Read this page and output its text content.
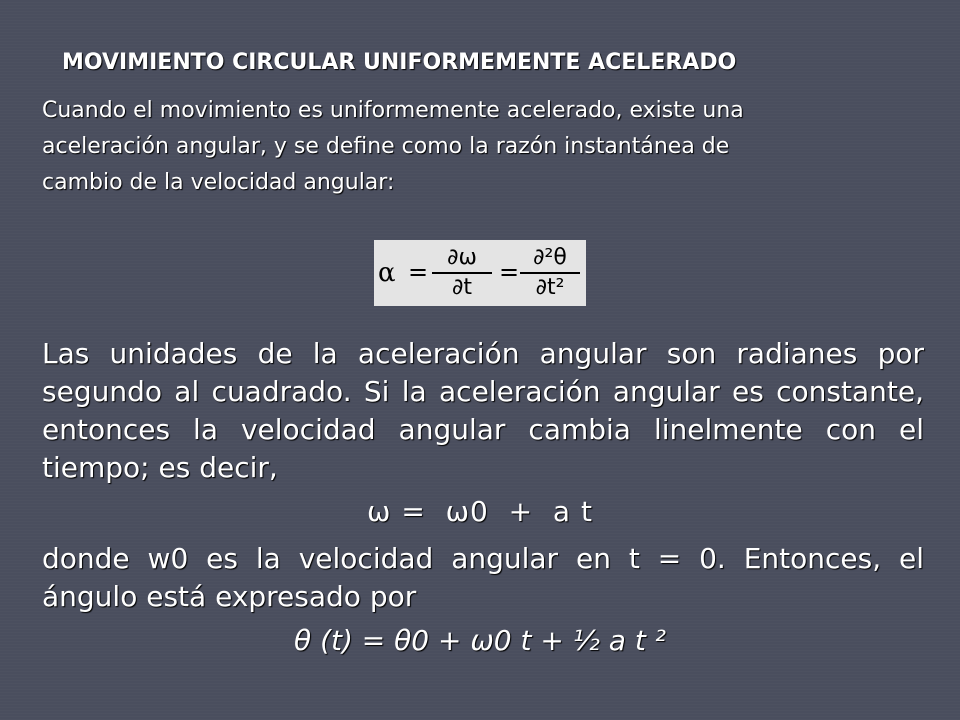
MOVIMIENTO CIRCULAR UNIFORMEMENTE ACELERADO
Cuando el movimiento es uniformemente acelerado, existe una
aceleración angular, y se define como la razón instantánea de
cambio de la velocidad angular:
α =
∂ω
∂t
=
∂²θ
∂t²
Las unidades de la aceleración angular son radianes por
segundo al cuadrado. Si la aceleración angular es constante,
entonces la velocidad angular cambia linelmente con el
tiempo; es decir,
ω =  ω0  +  a t
donde w0 es la velocidad angular en t = 0. Entonces, el
ángulo está expresado por
θ (t) = θ0 + ω0 t + ½ a t ²
